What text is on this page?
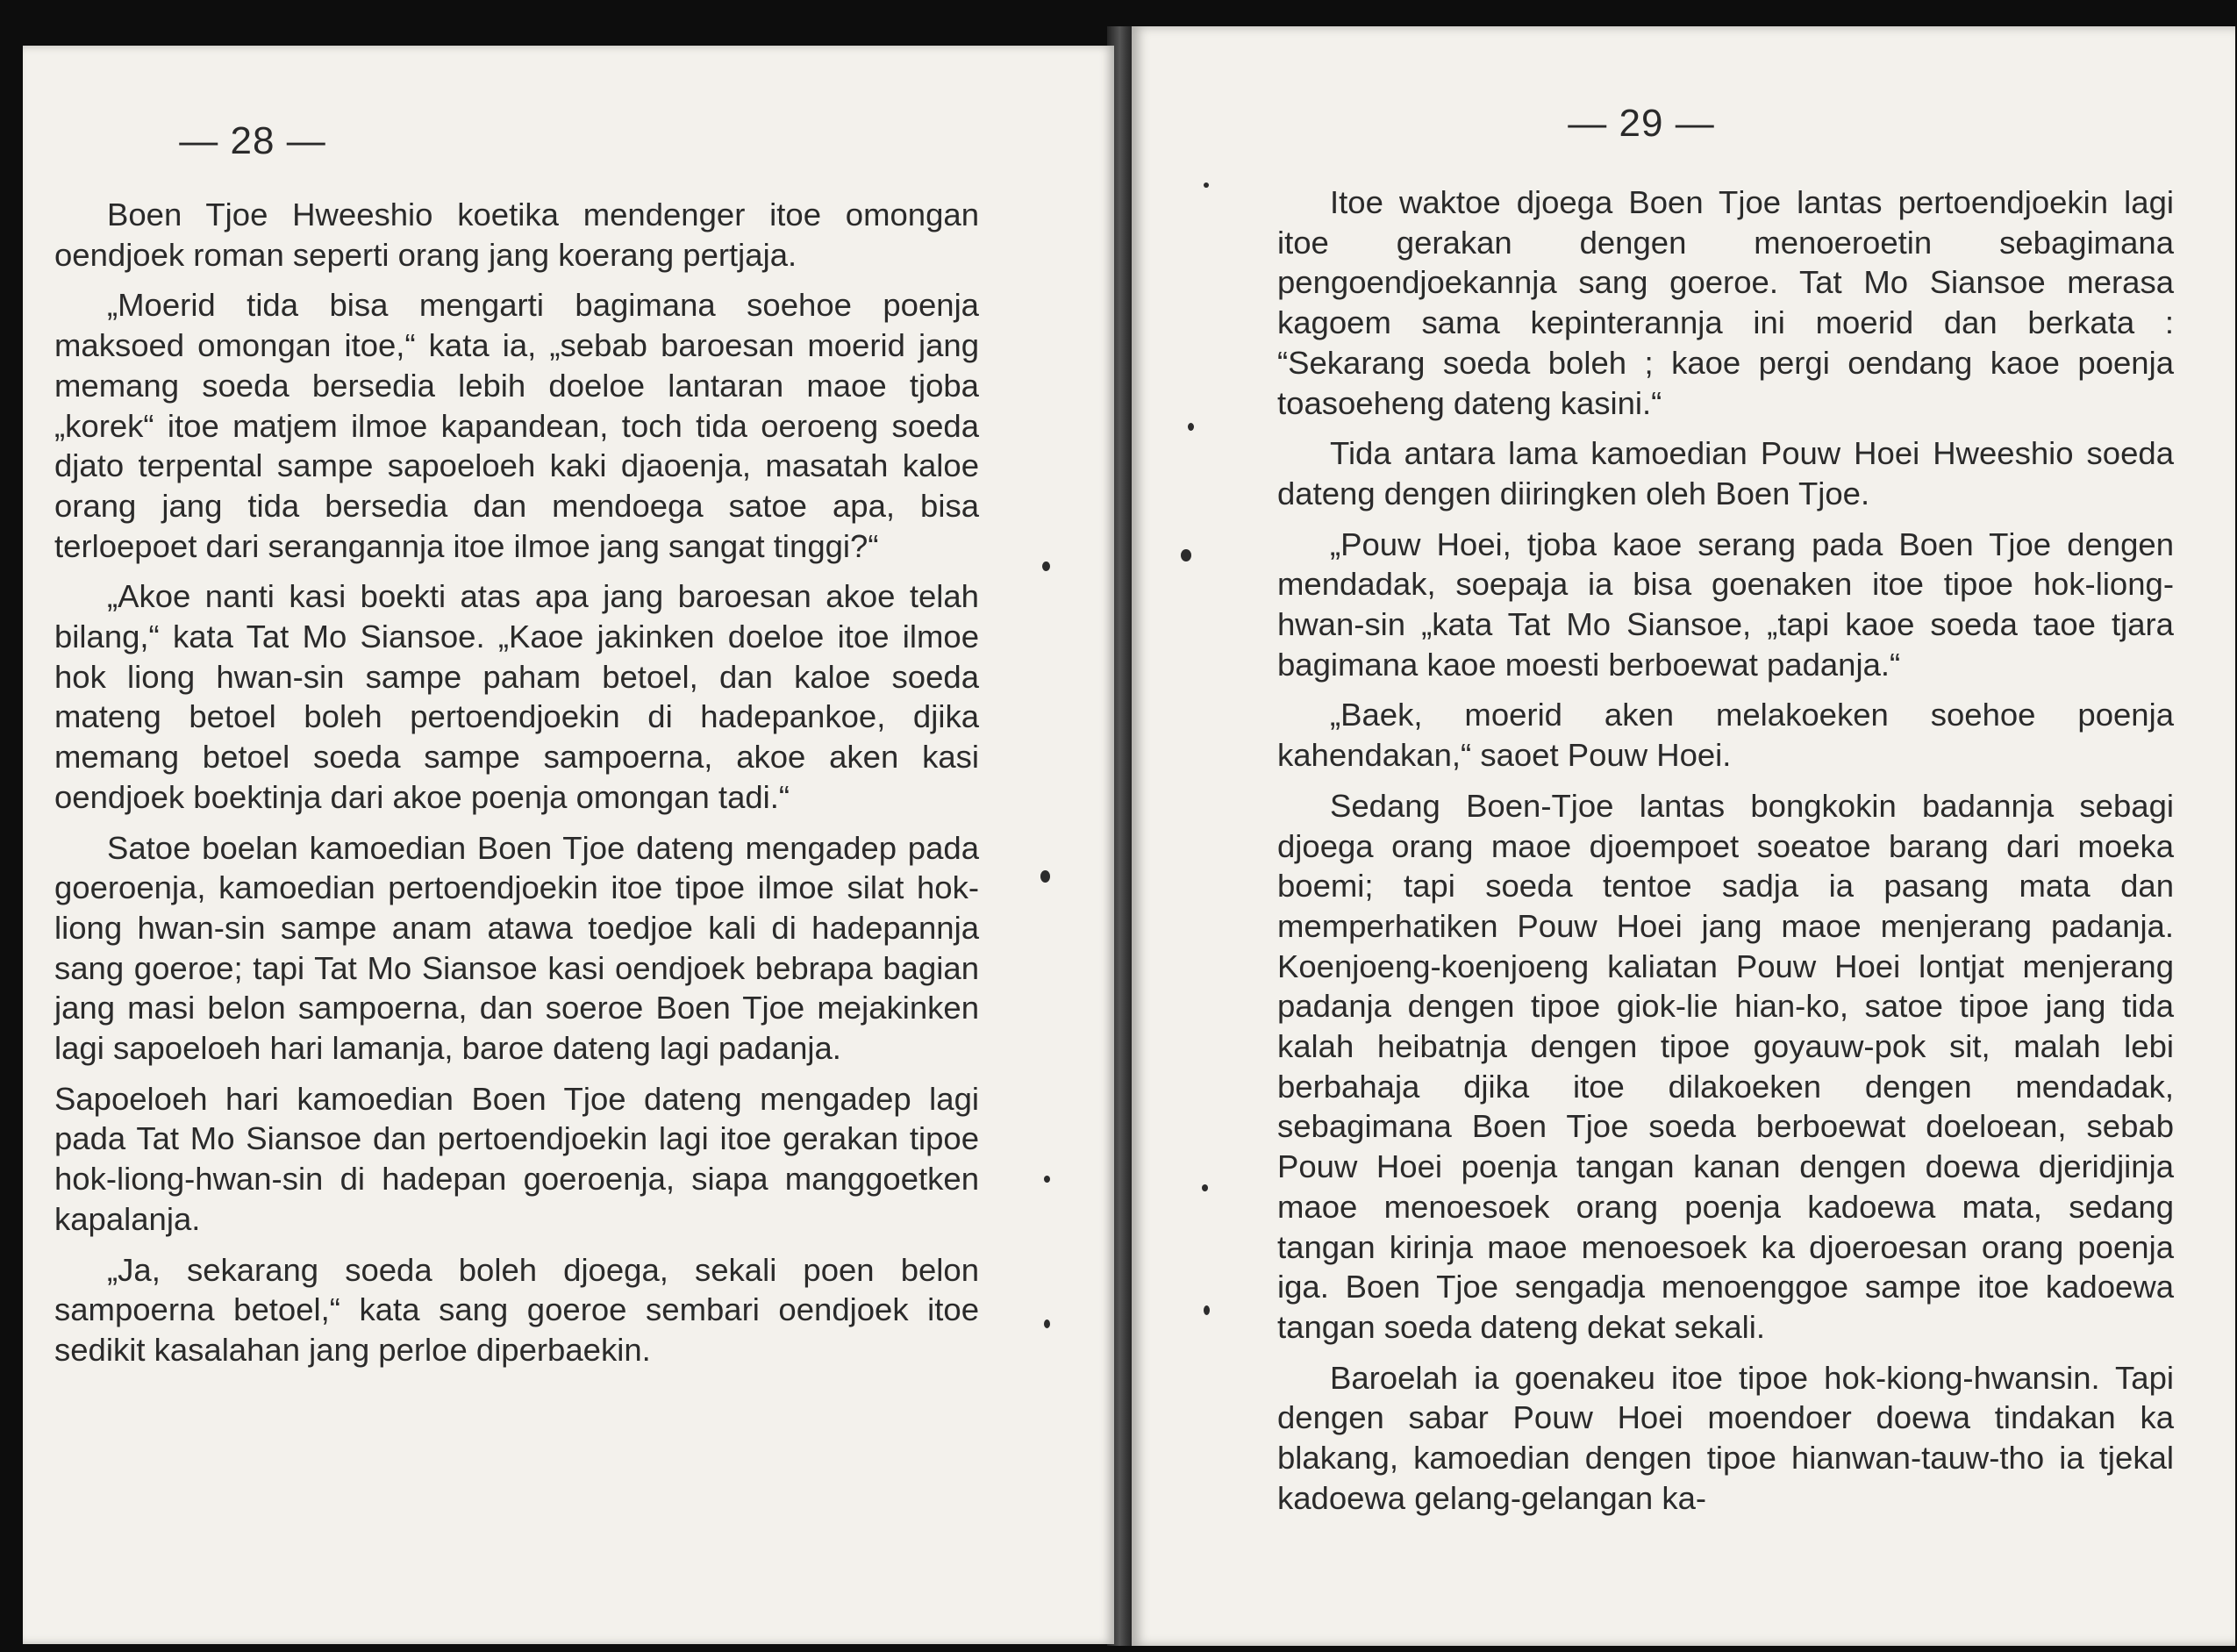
— 28 —

Boen Tjoe Hweeshio koetika mendenger itoe omongan oendjoek roman seperti orang jang koerang pertjaja.

„Moerid tida bisa mengarti bagimana soehoe poenja maksoed omongan itoe,“ kata ia, „sebab baroesan moerid jang memang soeda bersedia lebih doeloe lantaran maoe tjoba „korek“ itoe matjem ilmoe kapandean, toch tida oeroeng soeda djato terpental sampe sapoeloeh kaki djaoenja, masatah kaloe orang jang tida bersedia dan mendoega satoe apa, bisa terloepoet dari serangannja itoe ilmoe jang sangat tinggi?“

„Akoe nanti kasi boekti atas apa jang baroesan akoe telah bilang,“ kata Tat Mo Siansoe. „Kaoe jakinken doeloe itoe ilmoe hok liong hwan-sin sampe paham betoel, dan kaloe soeda mateng betoel boleh pertoendjoekin di hadepankoe, djika memang betoel soeda sampe sampoerna, akoe aken kasi oendjoek boektinja dari akoe poenja omongan tadi.“

Satoe boelan kamoedian Boen Tjoe dateng mengadep pada goeroenja, kamoedian pertoendjoekin itoe tipoe ilmoe silat hok-liong hwan-sin sampe anam atawa toedjoe kali di hadepannja sang goeroe; tapi Tat Mo Siansoe kasi oendjoek bebrapa bagian jang masi belon sampoerna, dan soeroe Boen Tjoe mejakinken lagi sapoeloeh hari lamanja, baroe dateng lagi padanja.

Sapoeloeh hari kamoedian Boen Tjoe dateng mengadep lagi pada Tat Mo Siansoe dan pertoendjoekin lagi itoe gerakan tipoe hok-liong-hwan-sin di hadepan goeroenja, siapa manggoetken kapalanja.

„Ja, sekarang soeda boleh djoega, sekali poen belon sampoerna betoel,“ kata sang goeroe sembari oendjoek itoe sedikit kasalahan jang perloe diperbaekin.

— 29 —

Itoe waktoe djoega Boen Tjoe lantas pertoendjoekin lagi itoe gerakan dengen menoeroetin sebagimana pengoendjoekannja sang goeroe. Tat Mo Siansoe merasa kagoem sama kepinterannja ini moerid dan berkata : “Sekarang soeda boleh ; kaoe pergi oendang kaoe poenja toasoeheng dateng kasini.“

Tida antara lama kamoedian Pouw Hoei Hweeshio soeda dateng dengen diiringken oleh Boen Tjoe.

„Pouw Hoei, tjoba kaoe serang pada Boen Tjoe dengen mendadak, soepaja ia bisa goenaken itoe tipoe hok-liong-hwan-sin „kata Tat Mo Siansoe, „tapi kaoe soeda taoe tjara bagimana kaoe moesti berboewat padanja.“

„Baek, moerid aken melakoeken soehoe poenja kahendakan,“ saoet Pouw Hoei.

Sedang Boen-Tjoe lantas bongkokin badannja sebagi djoega orang maoe djoempoet soeatoe barang dari moeka boemi; tapi soeda tentoe sadja ia pasang mata dan memperhatiken Pouw Hoei jang maoe menjerang padanja. Koenjoeng-koenjoeng kaliatan Pouw Hoei lontjat menjerang padanja dengen tipoe giok-lie hian-ko, satoe tipoe jang tida kalah heibatnja dengen tipoe goyauw-pok sit, malah lebi berbahaja djika itoe dilakoeken dengen mendadak, sebagimana Boen Tjoe soeda berboewat doeloean, sebab Pouw Hoei poenja tangan kanan dengen doewa djeridjinja maoe menoesoek orang poenja kadoewa mata, sedang tangan kirinja maoe menoesoek ka djoeroesan orang poenja iga. Boen Tjoe sengadja menoenggoe sampe itoe kadoewa tangan soeda dateng dekat sekali.

Baroelah ia goenakeu itoe tipoe hok-kiong-hwansin. Tapi dengen sabar Pouw Hoei moendoer doewa tindakan ka blakang, kamoedian dengen tipoe hianwan-tauw-tho ia tjekal kadoewa gelang-gelangan ka-
